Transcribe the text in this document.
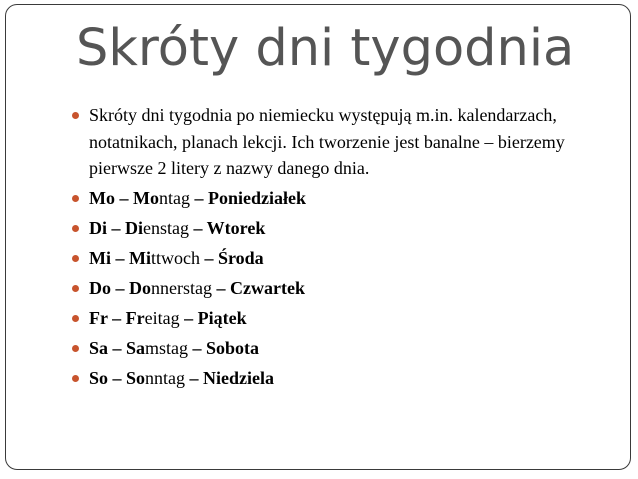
Skróty dni tygodnia
Skróty dni tygodnia po niemiecku występują m.in. kalendarzach, notatnikach, planach lekcji. Ich tworzenie jest banalne – bierzemy pierwsze 2 litery z nazwy danego dnia.
Mo – Montag – Poniedziałek
Di – Dienstag – Wtorek
Mi – Mittwoch – Środa
Do – Donnerstag – Czwartek
Fr – Freitag – Piątek
Sa – Samstag – Sobota
So – Sonntag – Niedziela
